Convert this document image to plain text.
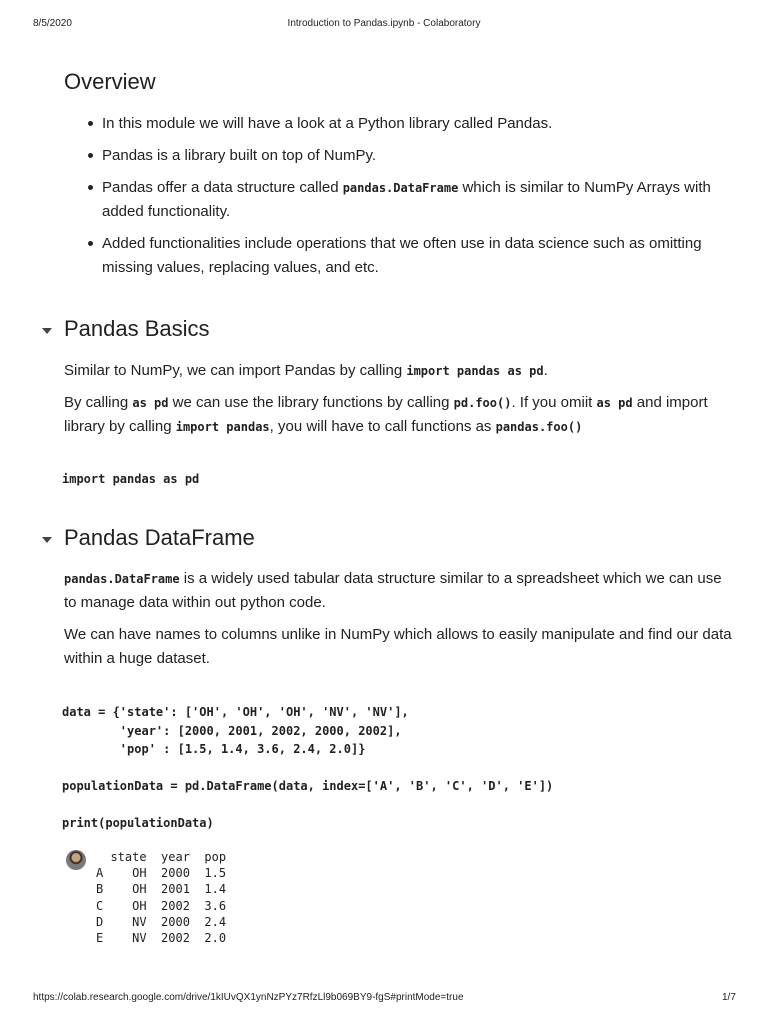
8/5/2020	Introduction to Pandas.ipynb - Colaboratory
Overview

In this module we will have a look at a Python library called Pandas.

Pandas is a library built on top of NumPy.

Pandas offer a data structure called pandas.DataFrame which is similar to NumPy Arrays with added functionality.

Added functionalities include operations that we often use in data science such as omitting missing values, replacing values, and etc.

Pandas Basics

Similar to NumPy, we can import Pandas by calling import pandas as pd.

By calling as pd we can use the library functions by calling pd.foo(). If you omiit as pd and import library by calling import pandas, you will have to call functions as pandas.foo()

import pandas as pd
Pandas DataFrame

pandas.DataFrame is a widely used tabular data structure similar to a spreadsheet which we can use to manage data within out python code.

We can have names to columns unlike in NumPy which allows to easily manipulate and find our data within a huge dataset.

data = {'state': ['OH', 'OH', 'OH', 'NV', 'NV'],
'year': [2000, 2001, 2002, 2000, 2002],
'pop' : [1.5, 1.4, 3.6, 2.4, 2.0]}

populationData = pd.DataFrame(data, index=['A', 'B', 'C', 'D', 'E'])

print(populationData)
state  year  pop
A    OH  2000  1.5
B    OH  2001  1.4
C    OH  2002  3.6
D    NV  2000  2.4
E    NV  2002  2.0
https://colab.research.google.com/drive/1kIUvQX1ynNzPYz7RfzLl9b069BY9-fgS#printMode=true	1/7
